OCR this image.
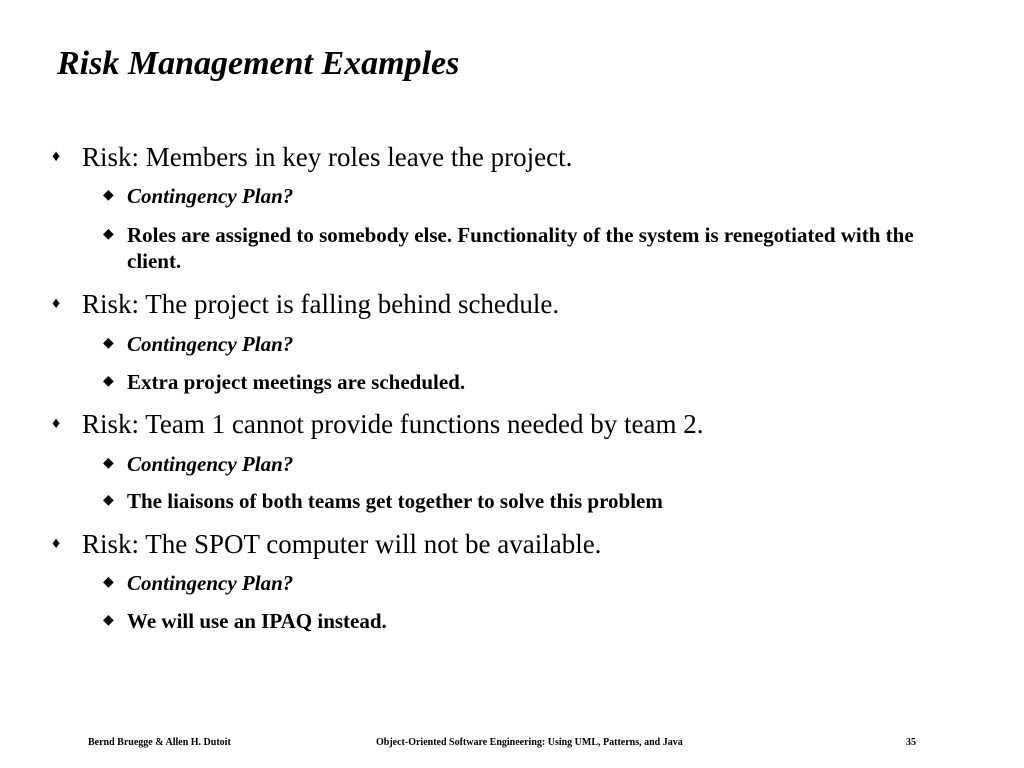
Risk Management Examples
♦ Risk: Members in key roles leave the project.
◆ Contingency Plan?
◆ Roles are assigned to somebody else. Functionality of the system is renegotiated with the client.
♦ Risk: The project is falling behind schedule.
◆ Contingency Plan?
◆ Extra project meetings are scheduled.
♦ Risk: Team 1 cannot provide functions needed by team 2.
◆ Contingency Plan?
◆ The liaisons of both teams get together to solve this problem
♦ Risk: The SPOT computer will not be available.
◆ Contingency Plan?
◆ We will use an IPAQ instead.
Bernd Bruegge & Allen H. Dutoit	Object-Oriented Software Engineering: Using UML, Patterns, and Java	35
